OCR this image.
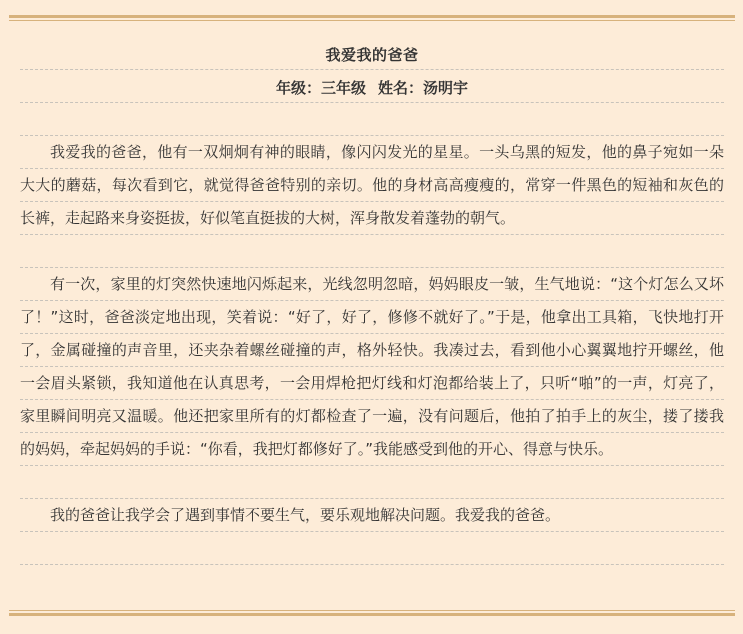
我爱我的爸爸
年级：三年级 姓名：汤明宇

我爱我的爸爸，他有一双炯炯有神的眼睛，像闪闪发光的星星。一头乌黑的短发，他的鼻子宛如一朵大大的蘑菇，每次看到它，就觉得爸爸特别的亲切。他的身材高高瘦瘦的，常穿一件黑色的短袖和灰色的长裤，走起路来身姿挺拔，好似笔直挺拔的大树，浑身散发着蓬勃的朝气。

有一次，家里的灯突然快速地闪烁起来，光线忽明忽暗，妈妈眼皮一皱，生气地说：“这个灯怎么又坏了！”这时，爸爸淡定地出现，笑着说：“好了，好了，修修不就好了。”于是，他拿出工具箱，飞快地打开了，金属碰撞的声音里，还夹杂着螺丝碰撞的声，格外轻快。我凑过去，看到他小心翼翼地拧开螺丝，他一会眉头紧锁，我知道他在认真思考，一会用焊枪把灯线和灯泡都给装上了，只听“啪”的一声，灯亮了，家里瞬间明亮又温暖。他还把家里所有的灯都检查了一遍，没有问题后，他拍了拍手上的灰尘，搂了搂我的妈妈，牵起妈妈的手说：“你看，我把灯都修好了。”我能感受到他的开心、得意与快乐。

我的爸爸让我学会了遇到事情不要生气，要乐观地解决问题。我爱我的爸爸。
